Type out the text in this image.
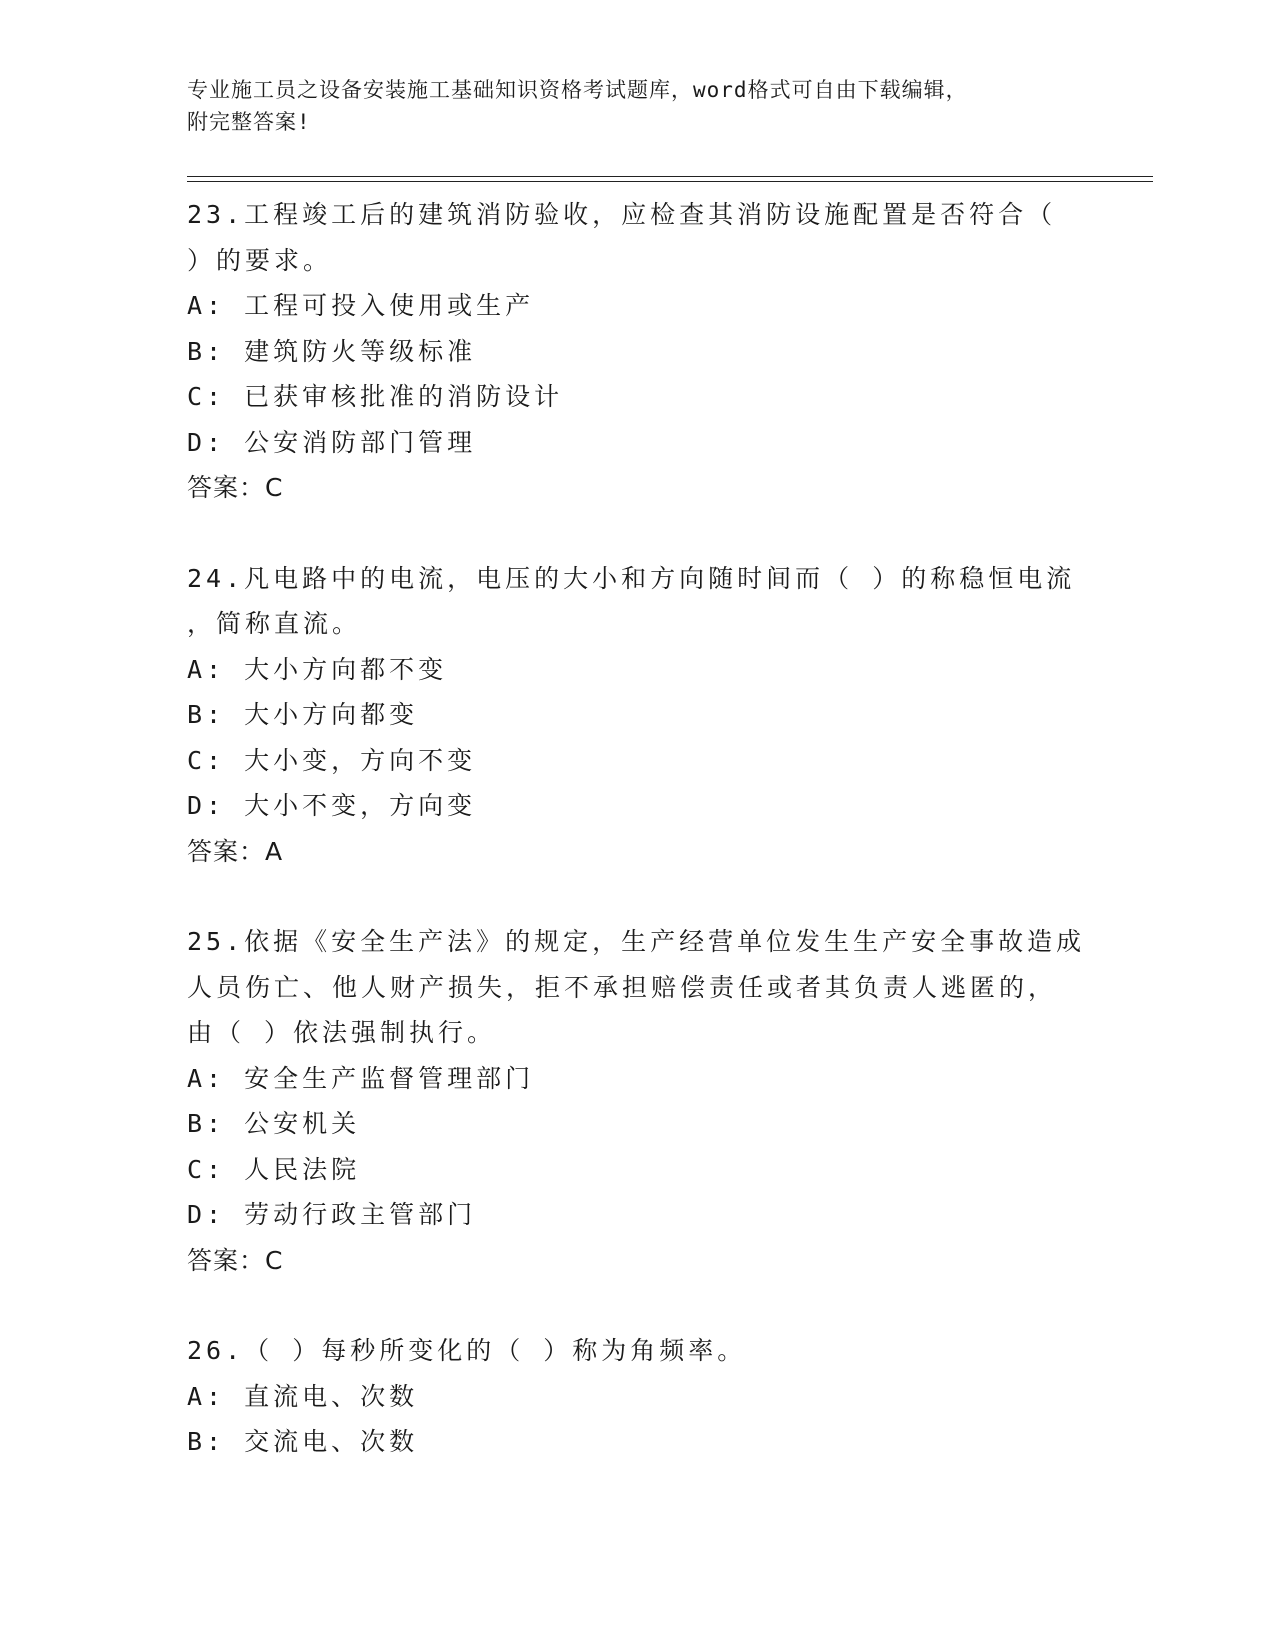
专业施工员之设备安装施工基础知识资格考试题库，word格式可自由下载编辑，
附完整答案!
23.工程竣工后的建筑消防验收，应检查其消防设施配置是否符合（
）的要求。
A: 工程可投入使用或生产
B: 建筑防火等级标准
C: 已获审核批准的消防设计
D: 公安消防部门管理
答案：C
24.凡电路中的电流，电压的大小和方向随时间而（ ）的称稳恒电流
，简称直流。
A: 大小方向都不变
B: 大小方向都变
C: 大小变，方向不变
D: 大小不变，方向变
答案：A
25.依据《安全生产法》的规定，生产经营单位发生生产安全事故造成
人员伤亡、他人财产损失，拒不承担赔偿责任或者其负责人逃匿的，
由（ ）依法强制执行。
A: 安全生产监督管理部门
B: 公安机关
C: 人民法院
D: 劳动行政主管部门
答案：C
26.（ ）每秒所变化的（ ）称为角频率。
A: 直流电、次数
B: 交流电、次数
